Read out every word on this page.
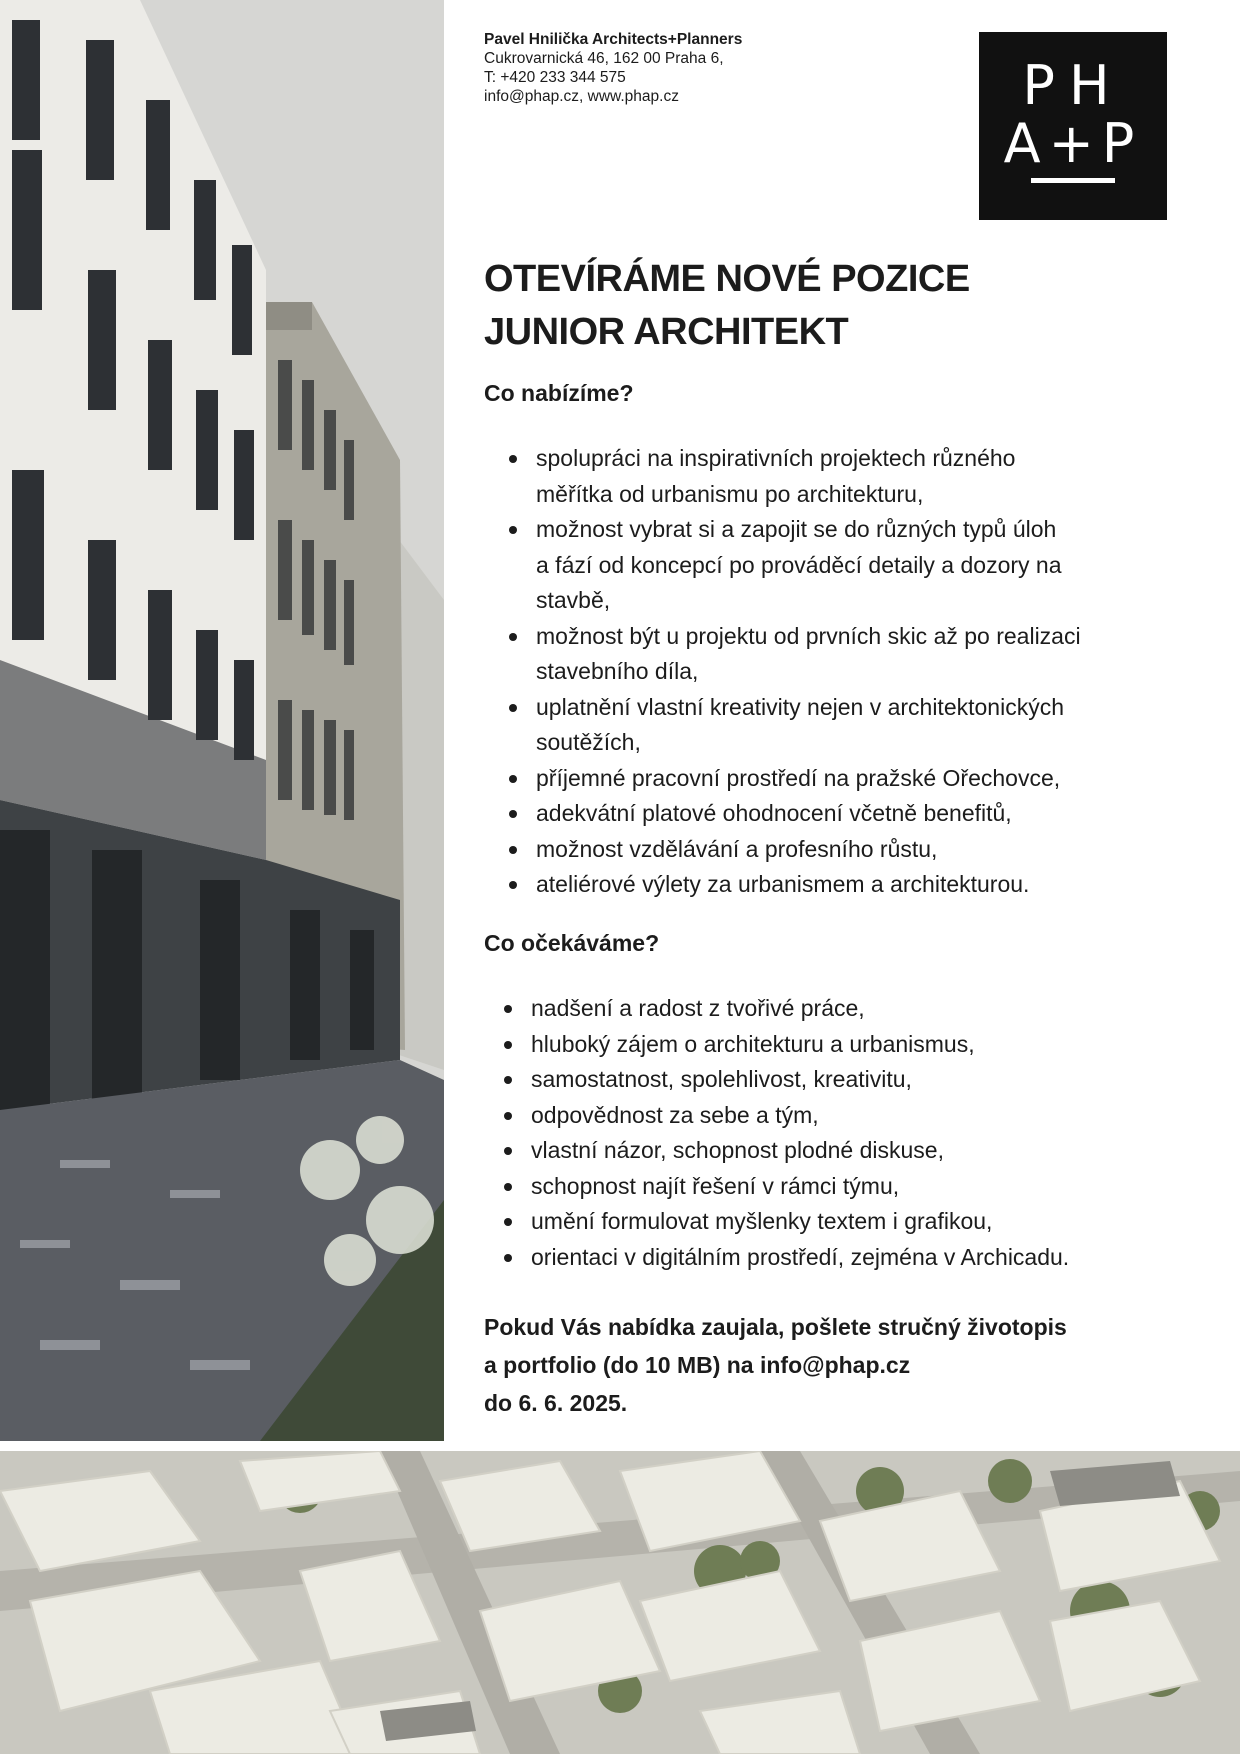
Pavel Hnilička Architects+Planners
Cukrovarnická 46, 162 00 Praha 6,
T: +420 233 344 575
info@phap.cz, www.phap.cz	PH
A+P
OTEVÍRÁME NOVÉ POZICE
JUNIOR ARCHITEKT
Co nabízíme?
spolupráci na inspirativních projektech různého
měřítka od urbanismu po architekturu,
možnost vybrat si a zapojit se do různých typů úloh
a fází od koncepcí po prováděcí detaily a dozory na
stavbě,
možnost být u projektu od prvních skic až po realizaci
stavebního díla,
uplatnění vlastní kreativity nejen v architektonických
soutěžích,
příjemné pracovní prostředí na pražské Ořechovce,
adekvátní platové ohodnocení včetně benefitů,
možnost vzdělávání a profesního růstu,
ateliérové výlety za urbanismem a architekturou.
Co očekáváme?
nadšení a radost z tvořivé práce,
hluboký zájem o architekturu a urbanismus,
samostatnost, spolehlivost, kreativitu,
odpovědnost za sebe a tým,
vlastní názor, schopnost plodné diskuse,
schopnost najít řešení v rámci týmu,
umění formulovat myšlenky textem i grafikou,
orientaci v digitálním prostředí, zejména v Archicadu.
Pokud Vás nabídka zaujala, pošlete stručný životopis
a portfolio (do 10 MB) na info@phap.cz
do 6. 6. 2025.
